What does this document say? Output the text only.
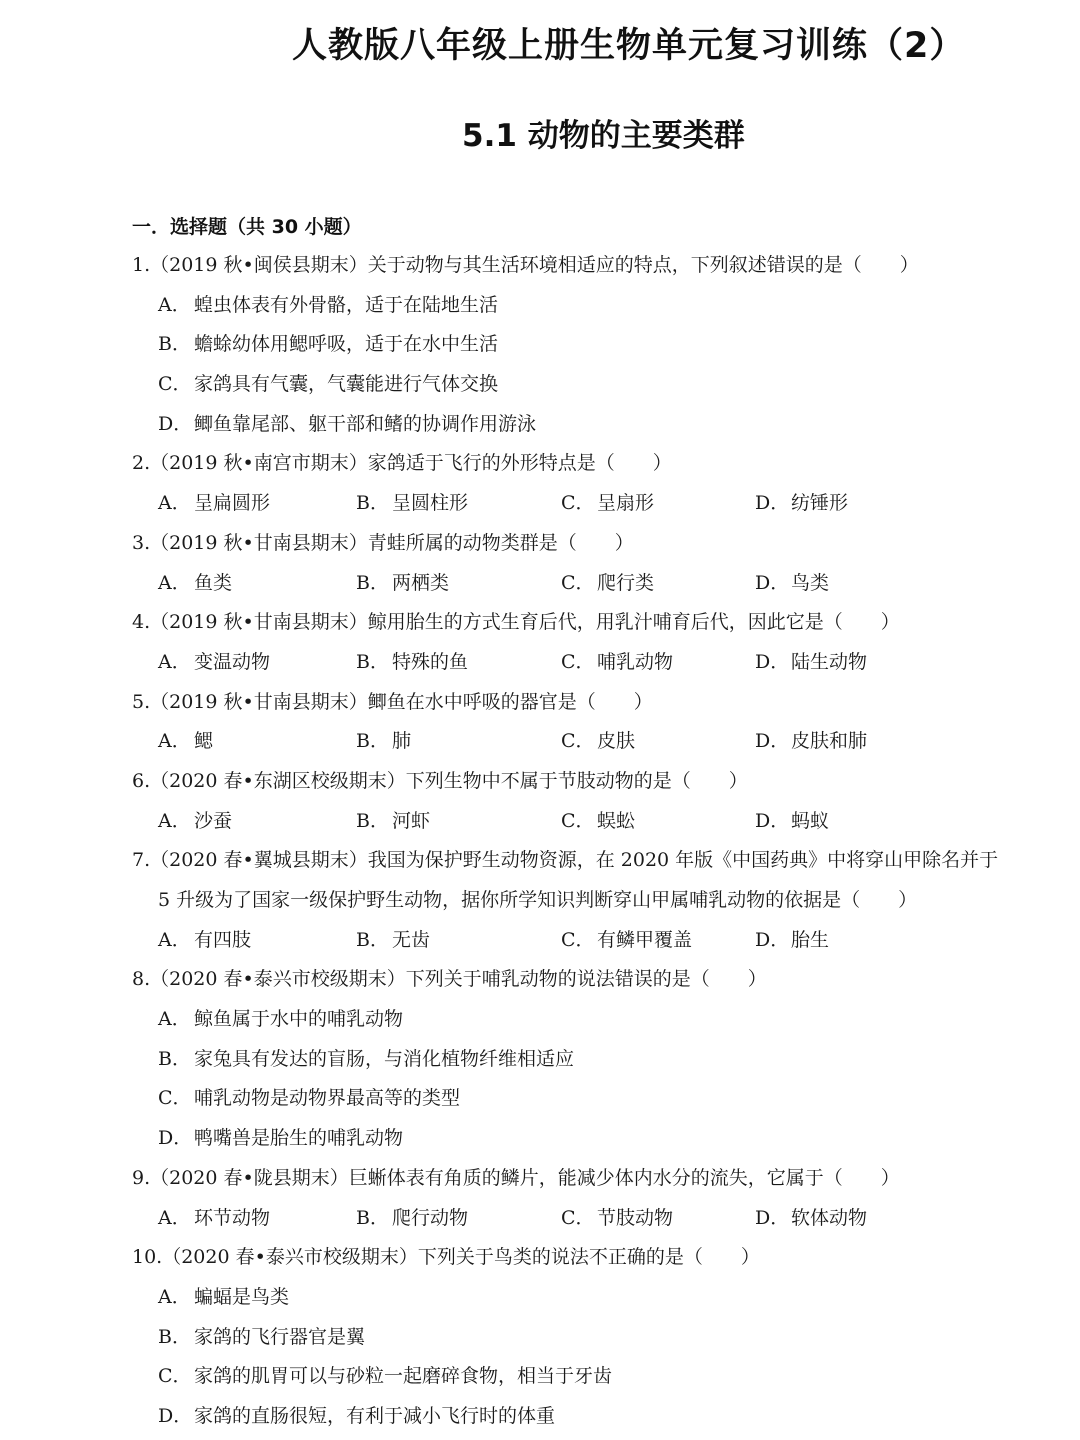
人教版八年级上册生物单元复习训练（2）
5.1 动物的主要类群
一．选择题（共 30 小题）
1.（2019 秋•闽侯县期末）关于动物与其生活环境相适应的特点，下列叙述错误的是（　　）
A． 蝗虫体表有外骨骼，适于在陆地生活
B． 蟾蜍幼体用鳃呼吸，适于在水中生活
C． 家鸽具有气囊，气囊能进行气体交换
D．鲫鱼靠尾部、躯干部和鳍的协调作用游泳
2.（2019 秋•南宫市期末）家鸽适于飞行的外形特点是（　　）
A． 呈扁圆形	B． 呈圆柱形	C． 呈扇形	D．纺锤形
3.（2019 秋•甘南县期末）青蛙所属的动物类群是（　　）
A． 鱼类	B． 两栖类	C． 爬行类	D．鸟类
4.（2019 秋•甘南县期末）鲸用胎生的方式生育后代，用乳汁哺育后代，因此它是（　　）
A． 变温动物	B． 特殊的鱼	C． 哺乳动物	D．陆生动物
5.（2019 秋•甘南县期末）鲫鱼在水中呼吸的器官是（　　）
A． 鳃	B． 肺	C． 皮肤	D．皮肤和肺
6.（2020 春•东湖区校级期末）下列生物中不属于节肢动物的是（　　）
A． 沙蚕	B． 河虾	C． 蜈蚣	D．蚂蚁
7.（2020 春•翼城县期末）我国为保护野生动物资源，在 2020 年版《中国药典》中将穿山甲除名并于
5 升级为了国家一级保护野生动物，据你所学知识判断穿山甲属哺乳动物的依据是（　　）
A． 有四肢	B． 无齿	C． 有鳞甲覆盖	D．胎生
8.（2020 春•泰兴市校级期末）下列关于哺乳动物的说法错误的是（　　）
A． 鲸鱼属于水中的哺乳动物
B． 家兔具有发达的盲肠，与消化植物纤维相适应
C． 哺乳动物是动物界最高等的类型
D．鸭嘴兽是胎生的哺乳动物
9.（2020 春•陇县期末）巨蜥体表有角质的鳞片，能减少体内水分的流失，它属于（　　）
A． 环节动物	B． 爬行动物	C． 节肢动物	D．软体动物
10.（2020 春•泰兴市校级期末）下列关于鸟类的说法不正确的是（　　）
A． 蝙蝠是鸟类
B． 家鸽的飞行器官是翼
C． 家鸽的肌胃可以与砂粒一起磨碎食物，相当于牙齿
D．家鸽的直肠很短，有利于减小飞行时的体重
